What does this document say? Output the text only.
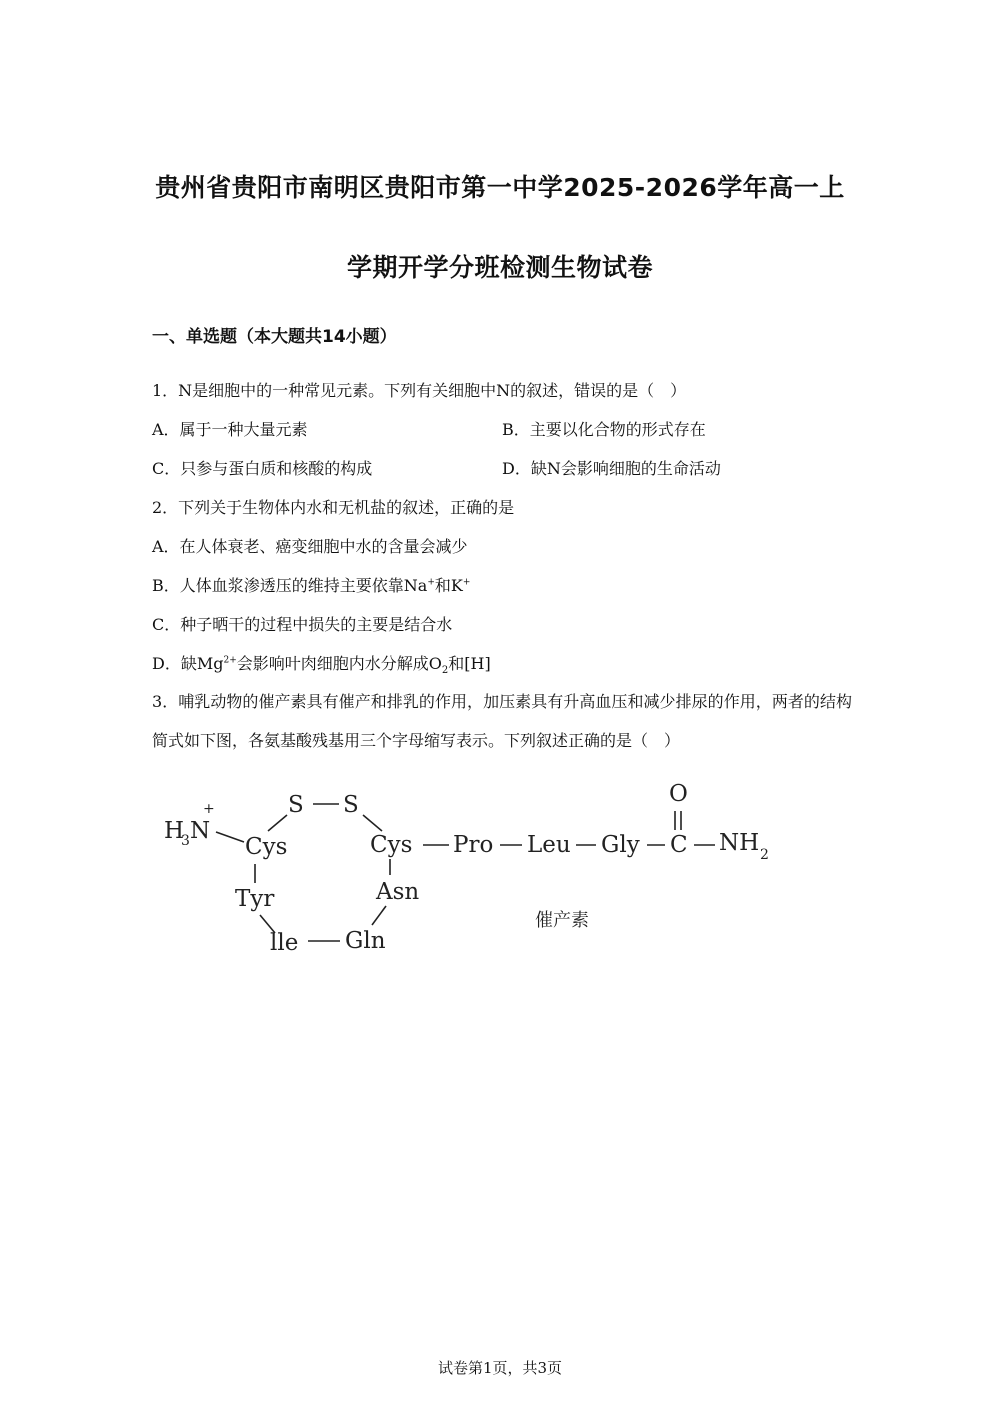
贵州省贵阳市南明区贵阳市第一中学2025-2026学年高一上
学期开学分班检测生物试卷
一、单选题（本大题共14小题）
1．N是细胞中的一种常见元素。下列有关细胞中N的叙述，错误的是（　）
A．属于一种大量元素	B．主要以化合物的形式存在
C．只参与蛋白质和核酸的构成	D．缺N会影响细胞的生命活动
2．下列关于生物体内水和无机盐的叙述，正确的是
A．在人体衰老、癌变细胞中水的含量会减少
B．人体血浆渗透压的维持主要依靠Na+和K+
C．种子晒干的过程中损失的主要是结合水
D．缺$Mg^{2+}$会影响叶肉细胞内水分解成$O_2$和[H]
3．哺乳动物的催产素具有催产和排乳的作用，加压素具有升高血压和减少排尿的作用，两者的结构简式如下图，各氨基酸残基用三个字母缩写表示。下列叙述正确的是（　）
H
3 N
+	S S
Cys
Tyr
lle Gln
Asn
Cys Pro Leu Gly C
O
NH 2
催产素
试卷第1页，共3页
